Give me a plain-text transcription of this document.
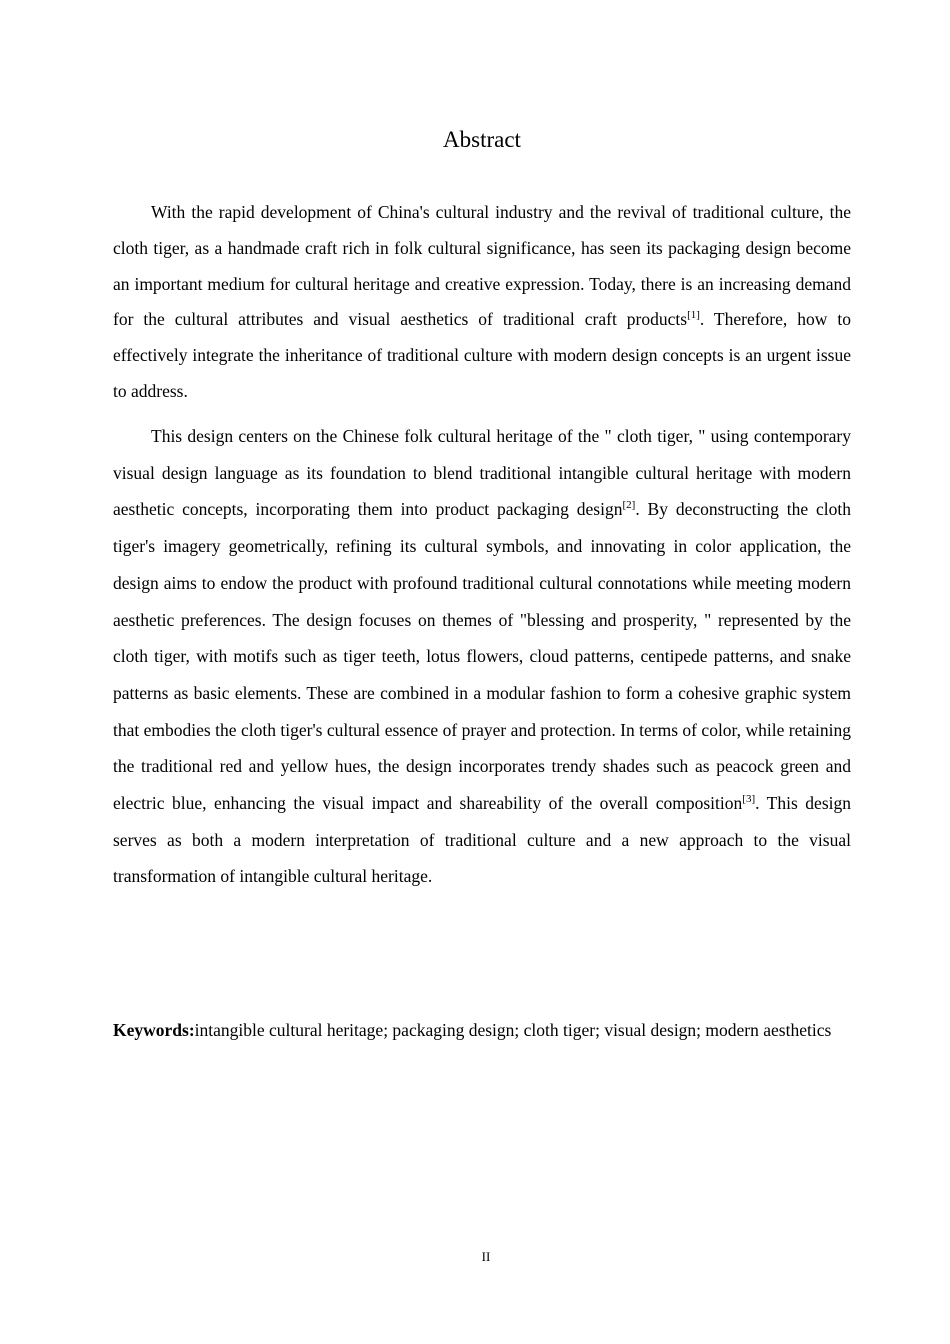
Abstract

With the rapid development of China's cultural industry and the revival of traditional culture, the cloth tiger, as a handmade craft rich in folk cultural significance, has seen its packaging design become an important medium for cultural heritage and creative expression. Today, there is an increasing demand for the cultural attributes and visual aesthetics of traditional craft products[1]. Therefore, how to effectively integrate the inheritance of traditional culture with modern design concepts is an urgent issue to address.

This design centers on the Chinese folk cultural heritage of the " cloth tiger, " using contemporary visual design language as its foundation to blend traditional intangible cultural heritage with modern aesthetic concepts, incorporating them into product packaging design[2]. By deconstructing the cloth tiger's imagery geometrically, refining its cultural symbols, and innovating in color application, the design aims to endow the product with profound traditional cultural connotations while meeting modern aesthetic preferences. The design focuses on themes of "blessing and prosperity, " represented by the cloth tiger, with motifs such as tiger teeth, lotus flowers, cloud patterns, centipede patterns, and snake patterns as basic elements. These are combined in a modular fashion to form a cohesive graphic system that embodies the cloth tiger's cultural essence of prayer and protection. In terms of color, while retaining the traditional red and yellow hues, the design incorporates trendy shades such as peacock green and electric blue, enhancing the visual impact and shareability of the overall composition[3]. This design serves as both a modern interpretation of traditional culture and a new approach to the visual transformation of intangible cultural heritage.

Keywords:intangible cultural heritage; packaging design; cloth tiger; visual design; modern aesthetics
II
